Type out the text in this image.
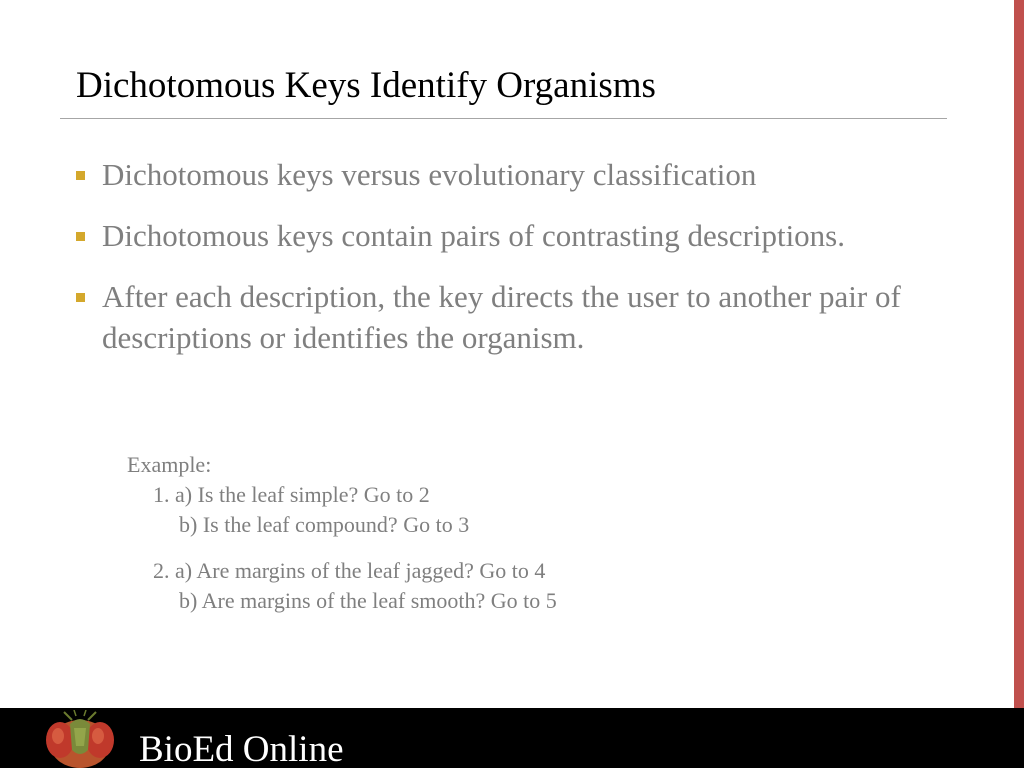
Dichotomous Keys Identify Organisms
Dichotomous keys versus evolutionary classification
Dichotomous keys contain pairs of contrasting descriptions.
After each description, the key directs the user to another pair of descriptions or identifies the organism.
Example:
1. a) Is the leaf simple? Go to 2
b) Is the leaf compound? Go to 3
2. a) Are margins of the leaf jagged? Go to 4
b) Are margins of the leaf smooth? Go to 5
BioEd Online
